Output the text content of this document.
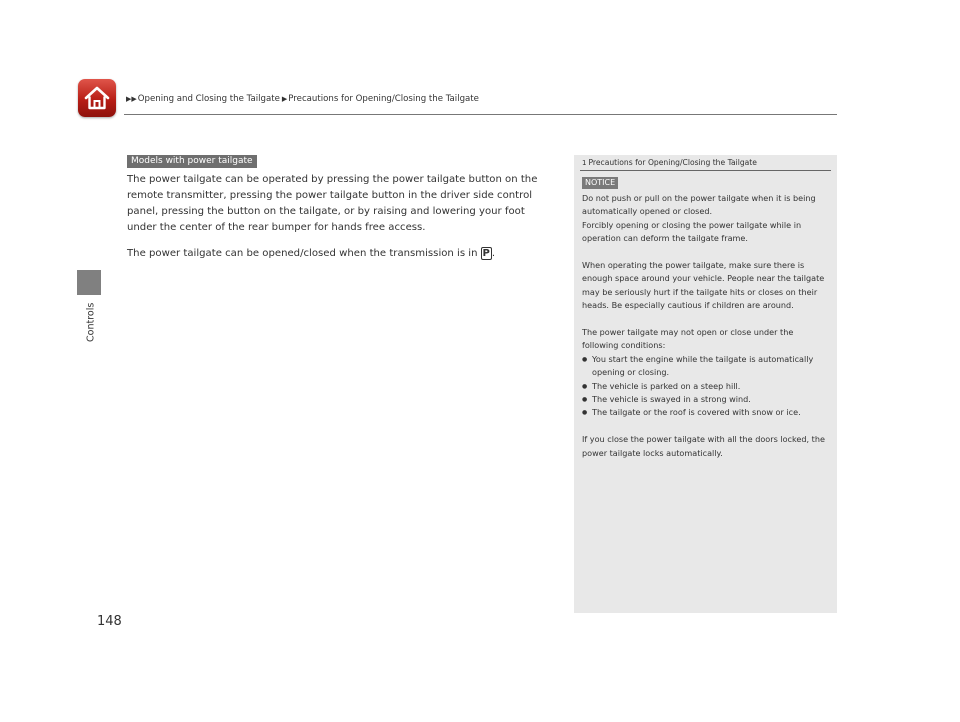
▶▶ Opening and Closing the Tailgate ▶ Precautions for Opening/Closing the Tailgate
Controls
Models with power tailgate

The power tailgate can be operated by pressing the power tailgate button on the remote transmitter, pressing the power tailgate button in the driver side control panel, pressing the button on the tailgate, or by raising and lowering your foot under the center of the rear bumper for hands free access.

The power tailgate can be opened/closed when the transmission is in P .

1 Precautions for Opening/Closing the Tailgate
NOTICE

Do not push or pull on the power tailgate when it is being automatically opened or closed.
Forcibly opening or closing the power tailgate while in operation can deform the tailgate frame.

When operating the power tailgate, make sure there is enough space around your vehicle. People near the tailgate may be seriously hurt if the tailgate hits or closes on their heads. Be especially cautious if children are around.

The power tailgate may not open or close under the following conditions:

● You start the engine while the tailgate is automatically opening or closing.
● The vehicle is parked on a steep hill.
● The vehicle is swayed in a strong wind.
● The tailgate or the roof is covered with snow or ice.

If you close the power tailgate with all the doors locked, the power tailgate locks automatically.

148
